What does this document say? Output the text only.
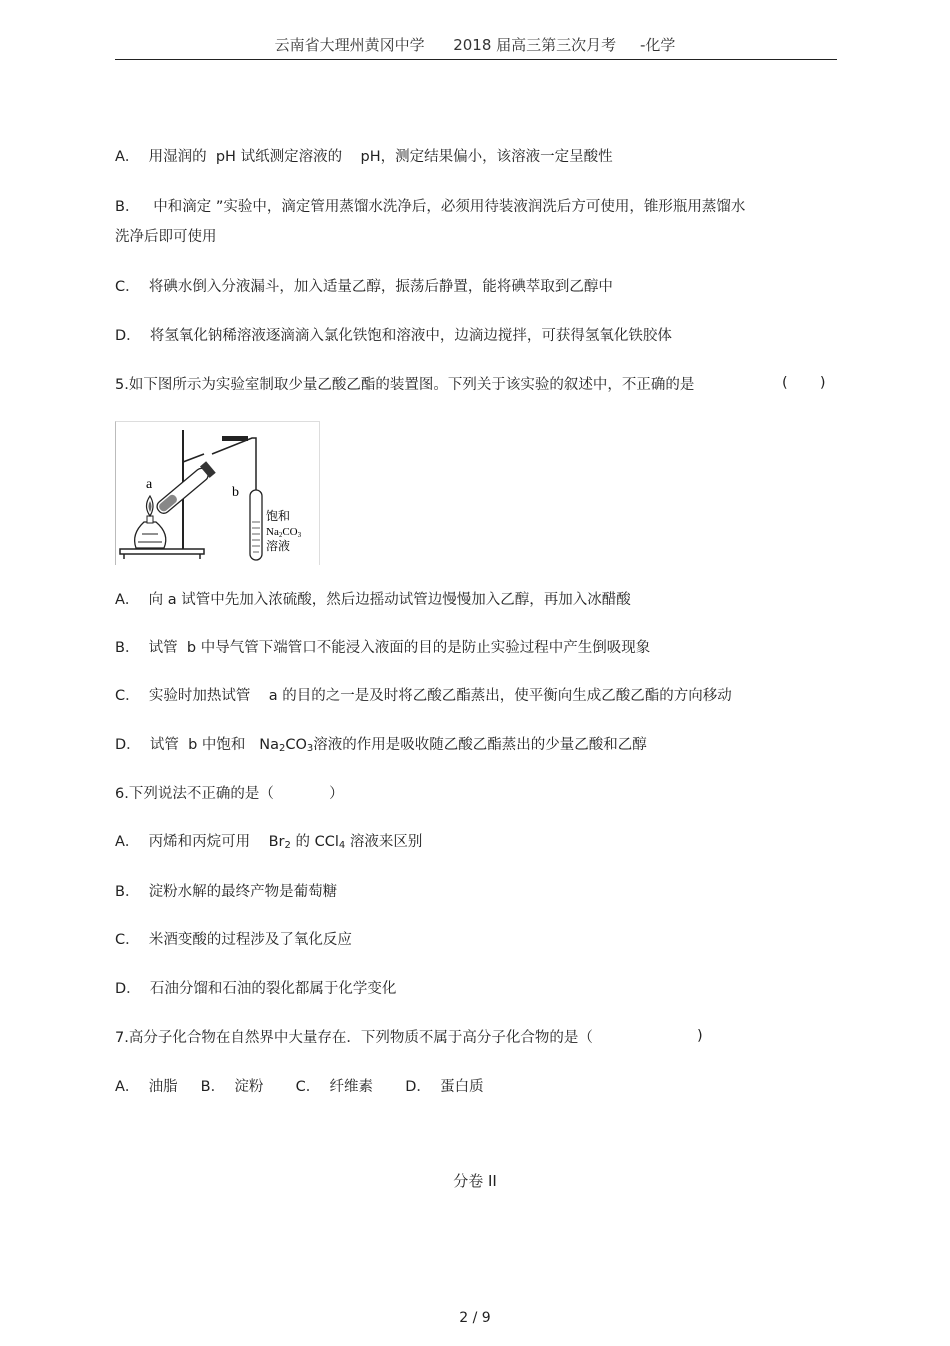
云南省大理州黄冈中学      2018 届高三第三次月考     -化学
A．  用湿润的  pH 试纸测定溶液的    pH，测定结果偏小，该溶液一定呈酸性
B．   中和滴定 ”实验中，滴定管用蒸馏水洗净后，必须用待装液润洗后方可使用，锥形瓶用蒸馏水
洗净后即可使用
C．  将碘水倒入分液漏斗，加入适量乙醇，振荡后静置，能将碘萃取到乙醇中
D．  将氢氧化钠稀溶液逐滴滴入氯化铁饱和溶液中，边滴边搅拌，可获得氢氧化铁胶体
5.如下图所示为实验室制取少量乙酸乙酯的装置图。下列关于该实验的叙述中，不正确的是	(       )
a
b
饱和
Na2CO3
溶液
A．  向 a 试管中先加入浓硫酸，然后边摇动试管边慢慢加入乙醇，再加入冰醋酸
B．  试管  b 中导气管下端管口不能浸入液面的目的是防止实验过程中产生倒吸现象
C．  实验时加热试管    a 的目的之一是及时将乙酸乙酯蒸出，使平衡向生成乙酸乙酯的方向移动
D．  试管  b 中饱和   $Na_2CO_3$溶液的作用是吸收随乙酸乙酯蒸出的少量乙酸和乙醇
6.下列说法不正确的是（            ）
A．  丙烯和丙烷可用    $Br_2$ 的 CCl$_4$ 溶液来区别
B．  淀粉水解的最终产物是葡萄糖
C．  米酒变酸的过程涉及了氧化反应
D．  石油分馏和石油的裂化都属于化学变化
7.高分子化合物在自然界中大量存在．下列物质不属于高分子化合物的是（	)
A．  油脂     B．  淀粉       C．  纤维素       D．  蛋白质
分卷 II
2 / 9
